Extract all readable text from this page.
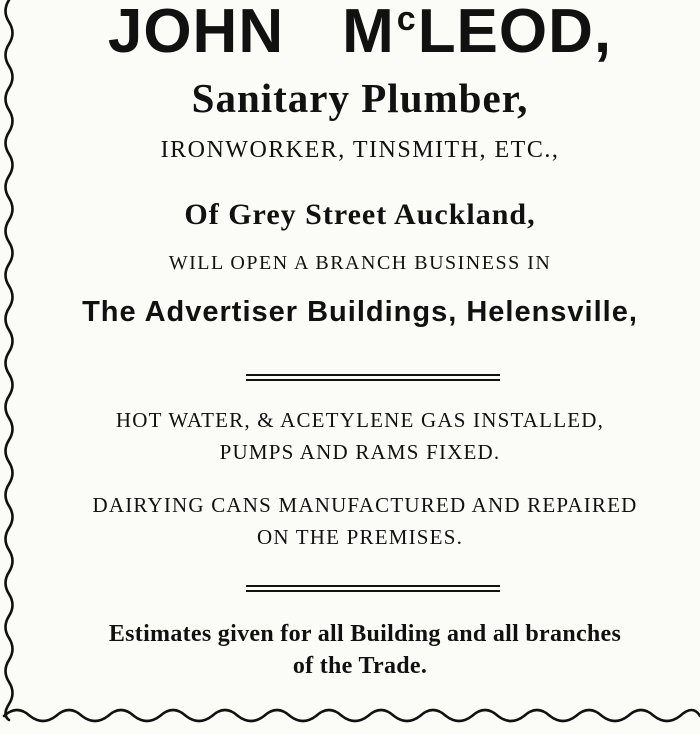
JOHN $M^cLEOD$,
Sanitary Plumber,
IRONWORKER, TINSMITH, ETC.,
Of Grey Street Auckland,
WILL OPEN A BRANCH BUSINESS IN
The Advertiser Buildings, Helensville,
HOT WATER, & ACETYLENE GAS INSTALLED,
PUMPS AND RAMS FIXED.
DAIRYING CANS MANUFACTURED AND REPAIRED
ON THE PREMISES.
Estimates given for all Building and all branches
of the Trade.
